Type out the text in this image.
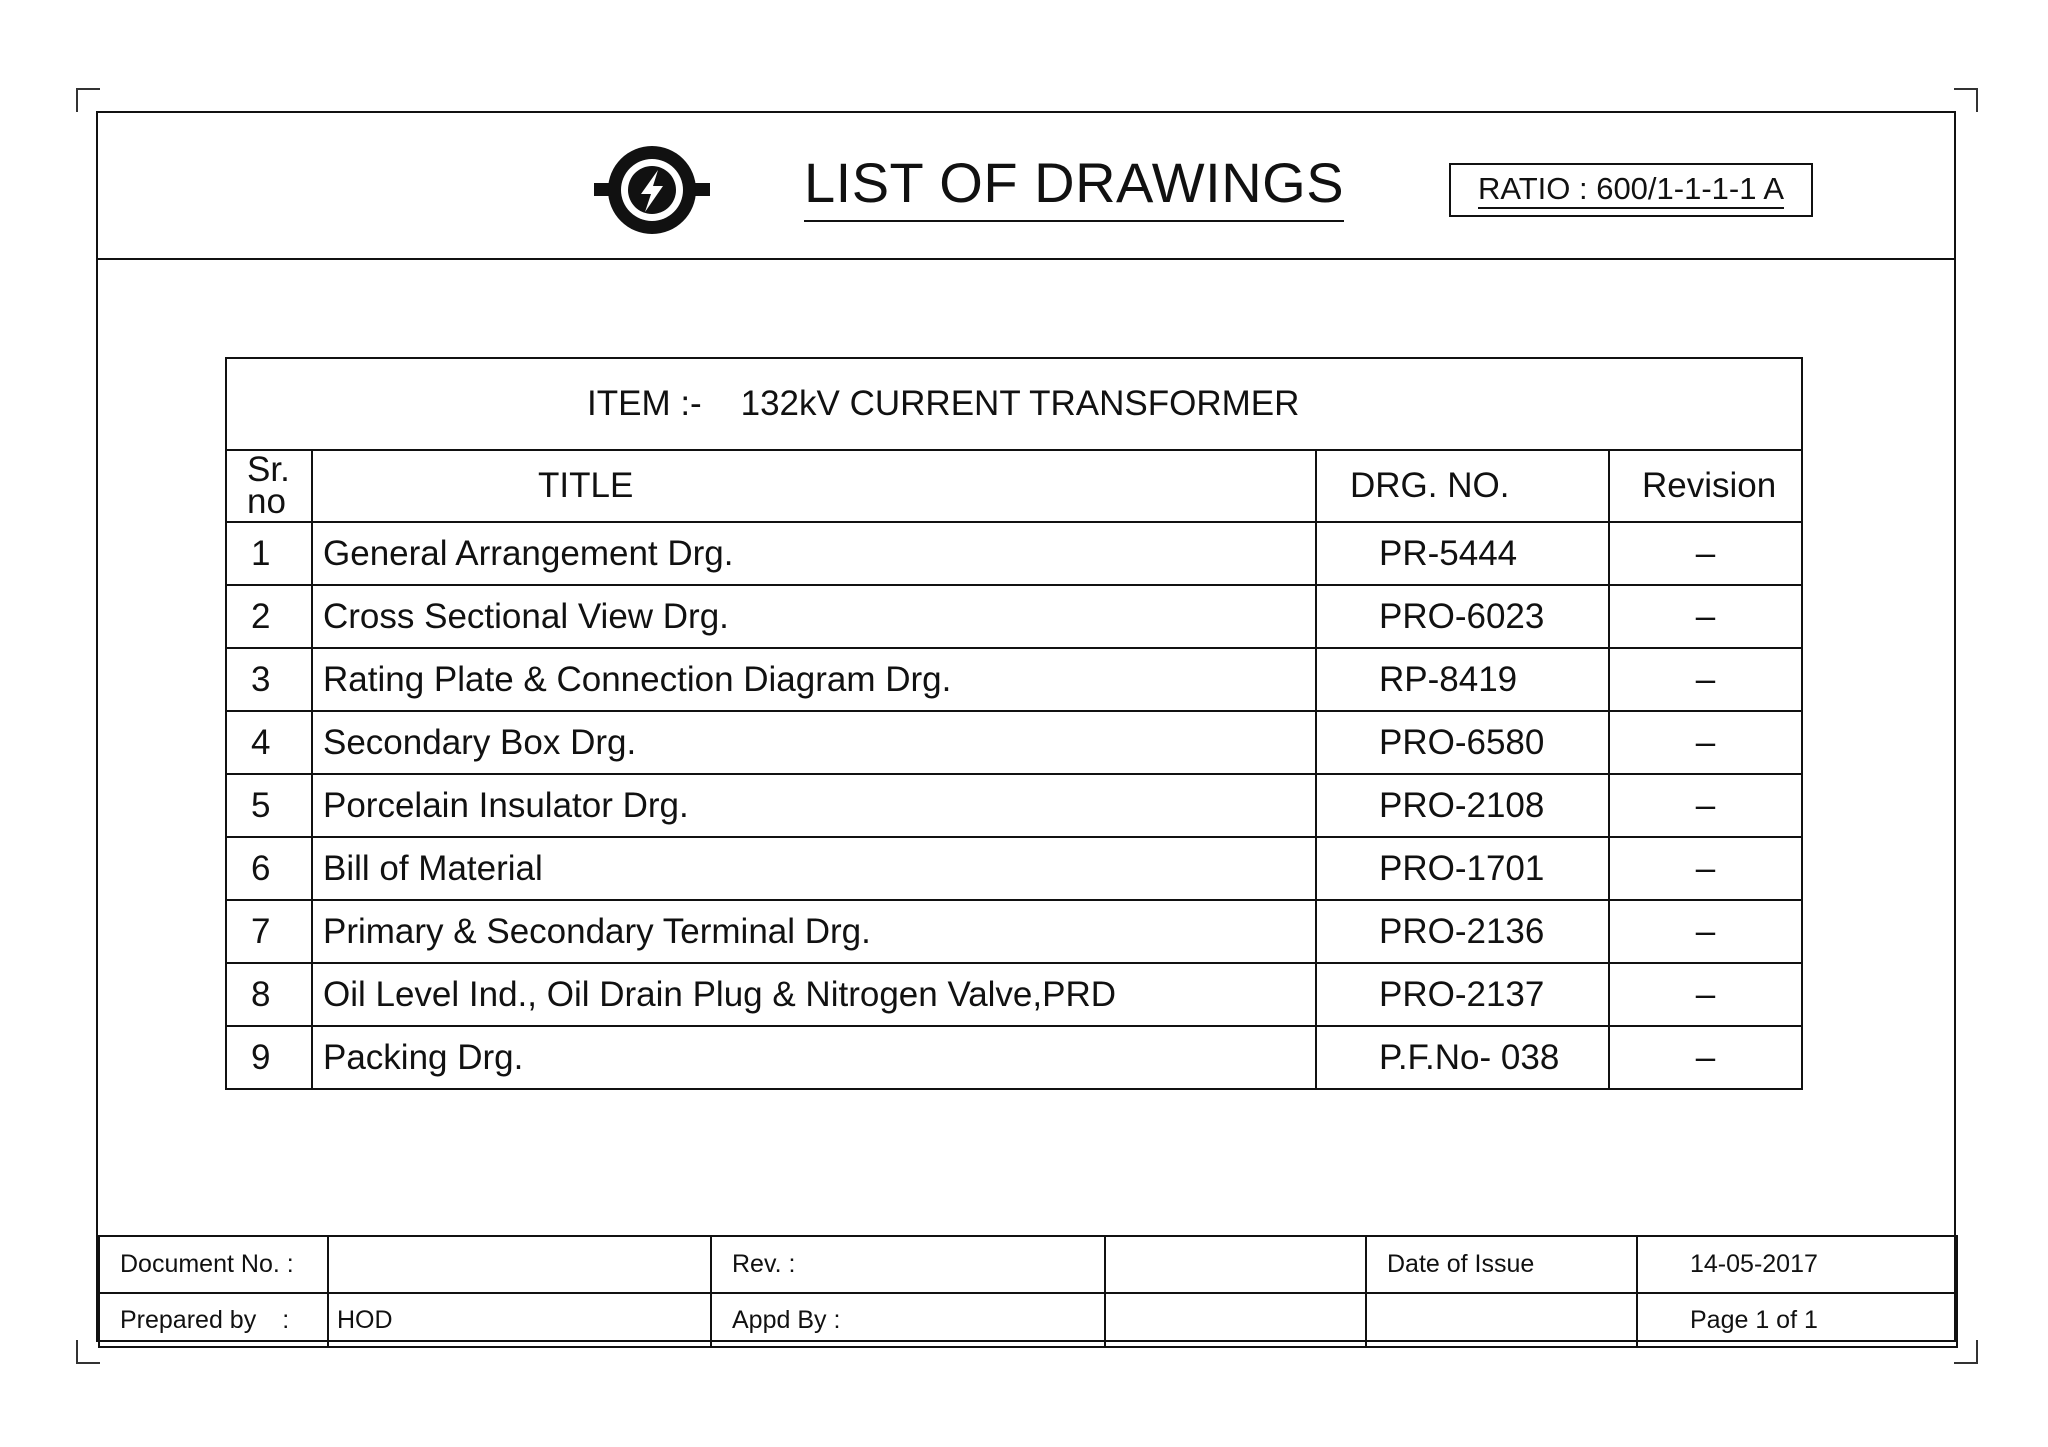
LIST OF DRAWINGS	RATIO : 600/1-1-1-1 A
ITEM :- 132kV CURRENT TRANSFORMER			

Sr.
no	TITLE	DRG. NO.	Revision
1	General Arrangement Drg.	PR-5444	–
2	Cross Sectional View Drg.	PRO-6023	–
3	Rating Plate & Connection Diagram Drg.	RP-8419	–
4	Secondary Box Drg.	PRO-6580	–
5	Porcelain Insulator Drg.	PRO-2108	–
6	Bill of Material	PRO-1701	–
7	Primary & Secondary Terminal Drg.	PRO-2136	–
8	Oil Level Ind., Oil Drain Plug & Nitrogen Valve,PRD	PRO-2137	–
9	Packing Drg.	P.F.No- 038	–
Document No. :		Rev. :		Date of Issue	14-05-2017
Prepared by :	HOD	Appd By :			Page 1 of 1
